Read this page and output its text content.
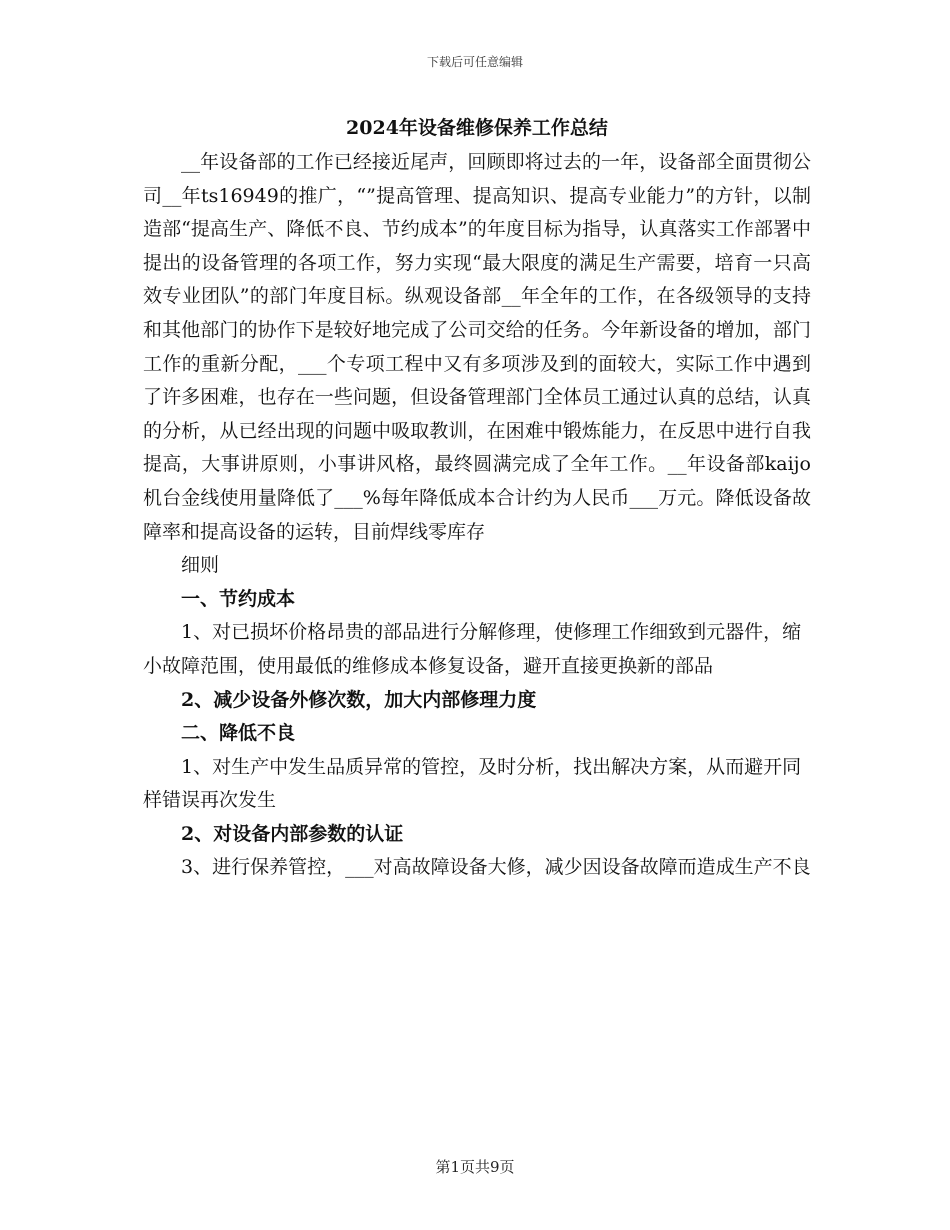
下载后可任意编辑
2024年设备维修保养工作总结

__年设备部的工作已经接近尾声，回顾即将过去的一年，设备部全面贯彻公司__年ts16949的推广，“”提高管理、提高知识、提高专业能力”的方针，以制造部“提高生产、降低不良、节约成本”的年度目标为指导，认真落实工作部署中提出的设备管理的各项工作，努力实现“最大限度的满足生产需要，培育一只高效专业团队”的部门年度目标。纵观设备部__年全年的工作，在各级领导的支持和其他部门的协作下是较好地完成了公司交给的任务。今年新设备的增加，部门工作的重新分配，___个专项工程中又有多项涉及到的面较大，实际工作中遇到了许多困难，也存在一些问题，但设备管理部门全体员工通过认真的总结，认真的分析，从已经出现的问题中吸取教训，在困难中锻炼能力，在反思中进行自我提高，大事讲原则，小事讲风格，最终圆满完成了全年工作。__年设备部kaijo机台金线使用量降低了___%每年降低成本合计约为人民币___万元。降低设备故障率和提高设备的运转，目前焊线零库存

细则

一、节约成本

1、对已损坏价格昂贵的部品进行分解修理，使修理工作细致到元器件，缩小故障范围，使用最低的维修成本修复设备，避开直接更换新的部品

2、减少设备外修次数，加大内部修理力度

二、降低不良

1、对生产中发生品质异常的管控，及时分析，找出解决方案，从而避开同样错误再次发生

2、对设备内部参数的认证

3、进行保养管控，___对高故障设备大修，减少因设备故障而造成生产不良

第1页共9页
